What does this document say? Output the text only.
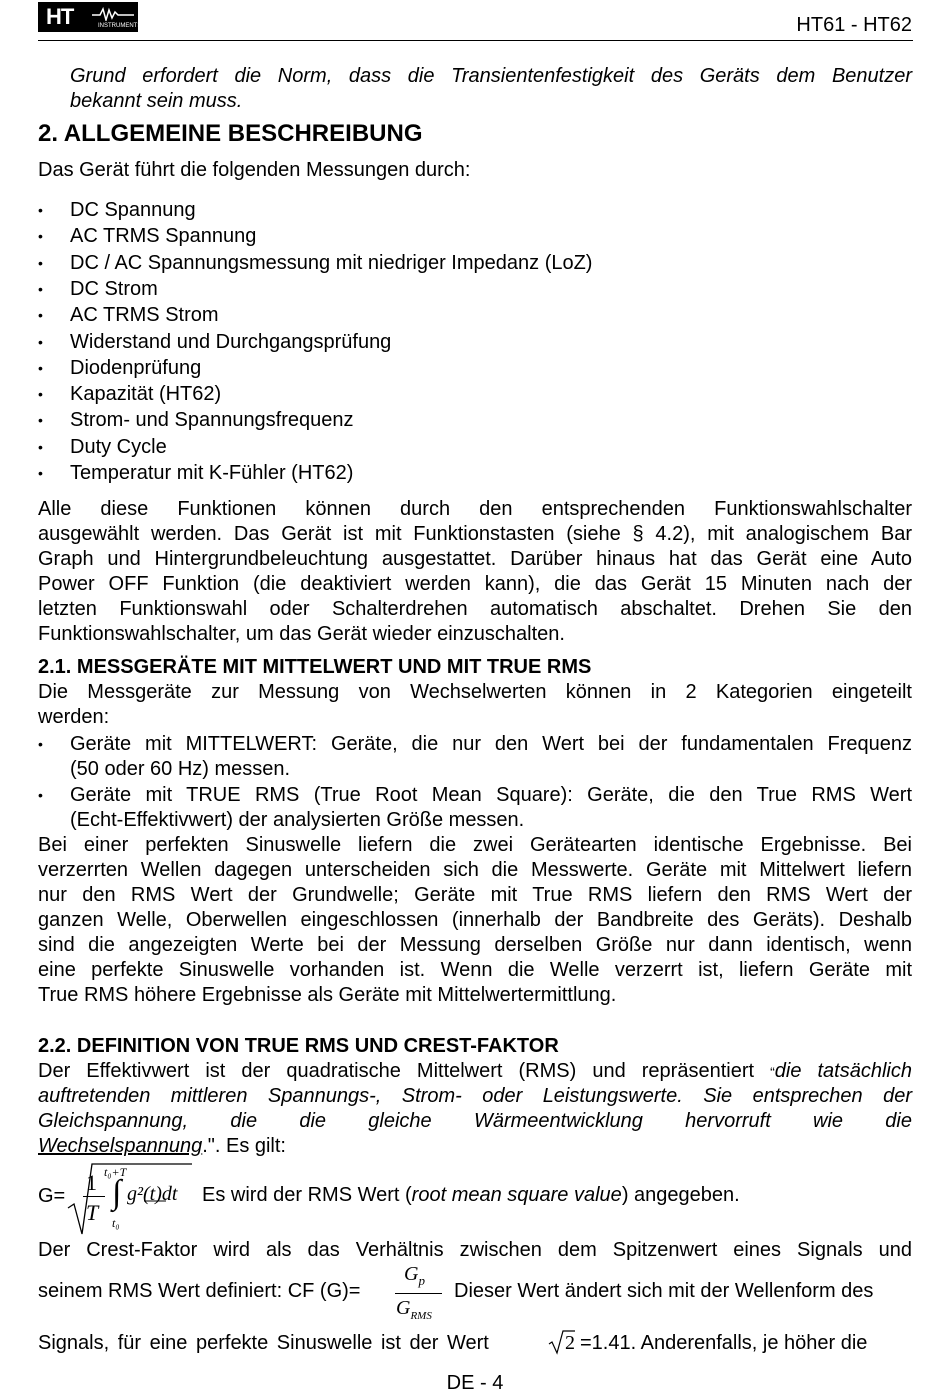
HT	INSTRUMENTS	HT61 - HT62
Grund erfordert die Norm, dass die Transientenfestigkeit des Geräts dem Benutzer
bekannt sein muss.
2. ALLGEMEINE BESCHREIBUNG
Das Gerät führt die folgenden Messungen durch:
• DC Spannung
• AC TRMS Spannung
• DC / AC Spannungsmessung mit niedriger Impedanz (LoZ)
• DC Strom
• AC TRMS Strom
• Widerstand und Durchgangsprüfung
• Diodenprüfung
• Kapazität (HT62)
• Strom- und Spannungsfrequenz
• Duty Cycle
• Temperatur mit K-Fühler (HT62)
Alle diese Funktionen können durch den entsprechenden Funktionswahlschalter
ausgewählt werden. Das Gerät ist mit Funktionstasten (siehe § 4.2), mit analogischem Bar
Graph und Hintergrundbeleuchtung ausgestattet. Darüber hinaus hat das Gerät eine Auto
Power OFF Funktion (die deaktiviert werden kann), die das Gerät 15 Minuten nach der
letzten Funktionswahl oder Schalterdrehen automatisch abschaltet. Drehen Sie den
Funktionswahlschalter, um das Gerät wieder einzuschalten.
2.1. MESSGERÄTE MIT MITTELWERT UND MIT TRUE RMS
Die Messgeräte zur Messung von Wechselwerten können in 2 Kategorien eingeteilt
werden:
• Geräte mit MITTELWERT: Geräte, die nur den Wert bei der fundamentalen Frequenz
(50 oder 60 Hz) messen.
• Geräte mit TRUE RMS (True Root Mean Square): Geräte, die den True RMS Wert
(Echt-Effektivwert) der analysierten Größe messen.
Bei einer perfekten Sinuswelle liefern die zwei Gerätearten identische Ergebnisse. Bei
verzerrten Wellen dagegen unterscheiden sich die Messwerte. Geräte mit Mittelwert liefern
nur den RMS Wert der Grundwelle; Geräte mit True RMS liefern den RMS Wert der
ganzen Welle, Oberwellen eingeschlossen (innerhalb der Bandbreite des Geräts). Deshalb
sind die angezeigten Werte bei der Messung derselben Größe nur dann identisch, wenn
eine perfekte Sinuswelle vorhanden ist. Wenn die Welle verzerrt ist, liefern Geräte mit
True RMS höhere Ergebnisse als Geräte mit Mittelwertermittlung.
2.2. DEFINITION VON TRUE RMS UND CREST-FAKTOR
Der Effektivwert ist der quadratische Mittelwert (RMS) und repräsentiert “die tatsächlich
auftretenden mittleren Spannungs-, Strom- oder Leistungswerte. Sie entsprechen der
Gleichspannung, die die gleiche Wärmeentwicklung hervorruft wie die
Wechselspannung.". Es gilt:
G=
1
T
t₀+T
∫
t₀
g²(t)dt Es wird der RMS Wert (root mean square value) angegeben.
Der Crest-Faktor wird als das Verhältnis zwischen dem Spitzenwert eines Signals und
seinem RMS Wert definiert: CF (G)=
$G_p$
$G_{RMS}$
Dieser Wert ändert sich mit der Wellenform des
Signals, für eine perfekte Sinuswelle ist der Wert	2 =1.41. Anderenfalls, je höher die
DE - 4
